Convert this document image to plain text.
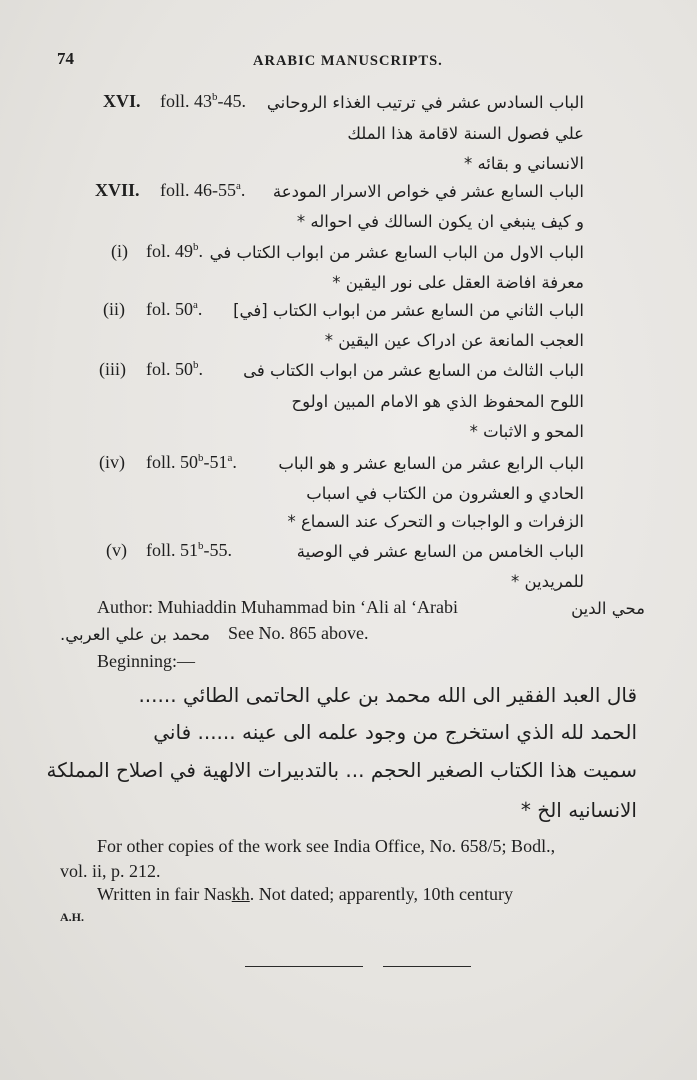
74	ARABIC MANUSCRIPTS.
XVI. foll. 43$^b$-45. الباب السادس عشر في ترتيب الغذاء الروحاني
علي فصول السنة لاقامة هذا الملك
الانساني و بقائه *
XVII. foll. 46-55$^a$. الباب السابع عشر في خواص الاسرار المودعة
و كيف ينبغي ان يكون السالك في احواله *
(i) fol. 49$^b$. الباب الاول من الباب السابع عشر من ابواب الكتاب في
معرفة افاضة العقل على نور اليقين *
(ii) fol. 50$^a$. الباب الثاني من السابع عشر من ابواب الكتاب [في]
العجب المانعة عن ادراک عين اليقين *
(iii) fol. 50$^b$. الباب الثالث من السابع عشر من ابواب الكتاب فی
اللوح المحفوظ الذي هو الامام المبين اولوح
المحو و الاثبات *
(iv) foll. 50$^b$-51$^a$.	الباب الرابع عشر من السابع عشر و هو الباب
الحادي و العشرون من الكتاب في اسباب
الزفرات و الواجبات و التحرک عند السماع *
(v) foll. 51$^b$-55.	الباب الخامس من السابع عشر في الوصية
للمريدين *
Author: Muhiaddin Muhammad bin ʻAli al ʻArabi	محي الدين
محمد بن علي العربي. See No. 865 above.
Beginning:—
قال العبد الفقير الى الله محمد بن علي الحاتمی الطائي ......
الحمد لله الذي استخرج من وجود علمه الى عينه ...... فاني
سميت هذا الكتاب الصغير الحجم ... بالتدبيرات الالهية في اصلاح المملكة
الانسانيه الخ *
For other copies of the work see India Office, No. 658/5; Bodl.,
vol. ii, p. 212.
Written in fair Naskh. Not dated; apparently, 10th century
A.H.
